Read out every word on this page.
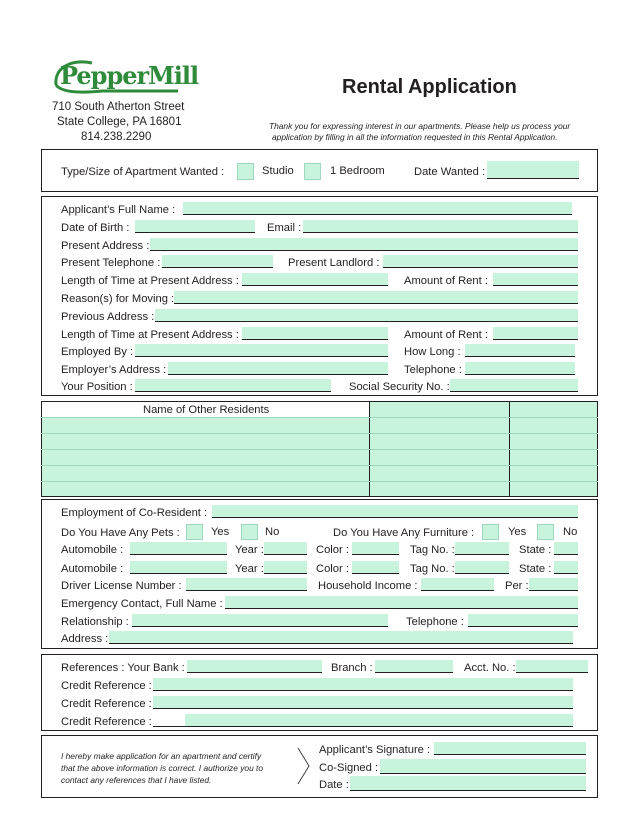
PepperMill
710 South Atherton Street
State College, PA 16801
814.238.2290
Rental Application
Thank you for expressing interest in our apartments. Please help us process your
application by filling in all the information requested in this Rental Application.
Type/Size of Apartment Wanted :	Studio	1 Bedroom	Date Wanted :
Applicant’s Full Name :
Date of Birth :	Email :
Present Address :
Present Telephone :	Present Landlord :
Length of Time at Present Address :	Amount of Rent :
Reason(s) for Moving :
Previous Address :
Length of Time at Present Address :	Amount of Rent :
Employed By :	How Long :
Employer’s Address :	Telephone :
Your Position :	Social Security No. :
Name of Other Residents
Employment of Co-Resident :
Do You Have Any Pets :	Yes	No	Do You Have Any Furniture :	Yes	No
Automobile :	Year :	Color :	Tag No. :	State :
Automobile :	Year :	Color :	Tag No. :	State :
Driver License Number :	Household Income :	Per :
Emergency Contact, Full Name :
Relationship :	Telephone :
Address :
References : Your Bank :	Branch :	Acct. No. :
Credit Reference :
Credit Reference :
Credit Reference :
I hereby make application for an apartment and certify
that the above information is correct. I authorize you to
contact any references that I have listed.
Applicant’s Signature :
Co-Signed :
Date :
